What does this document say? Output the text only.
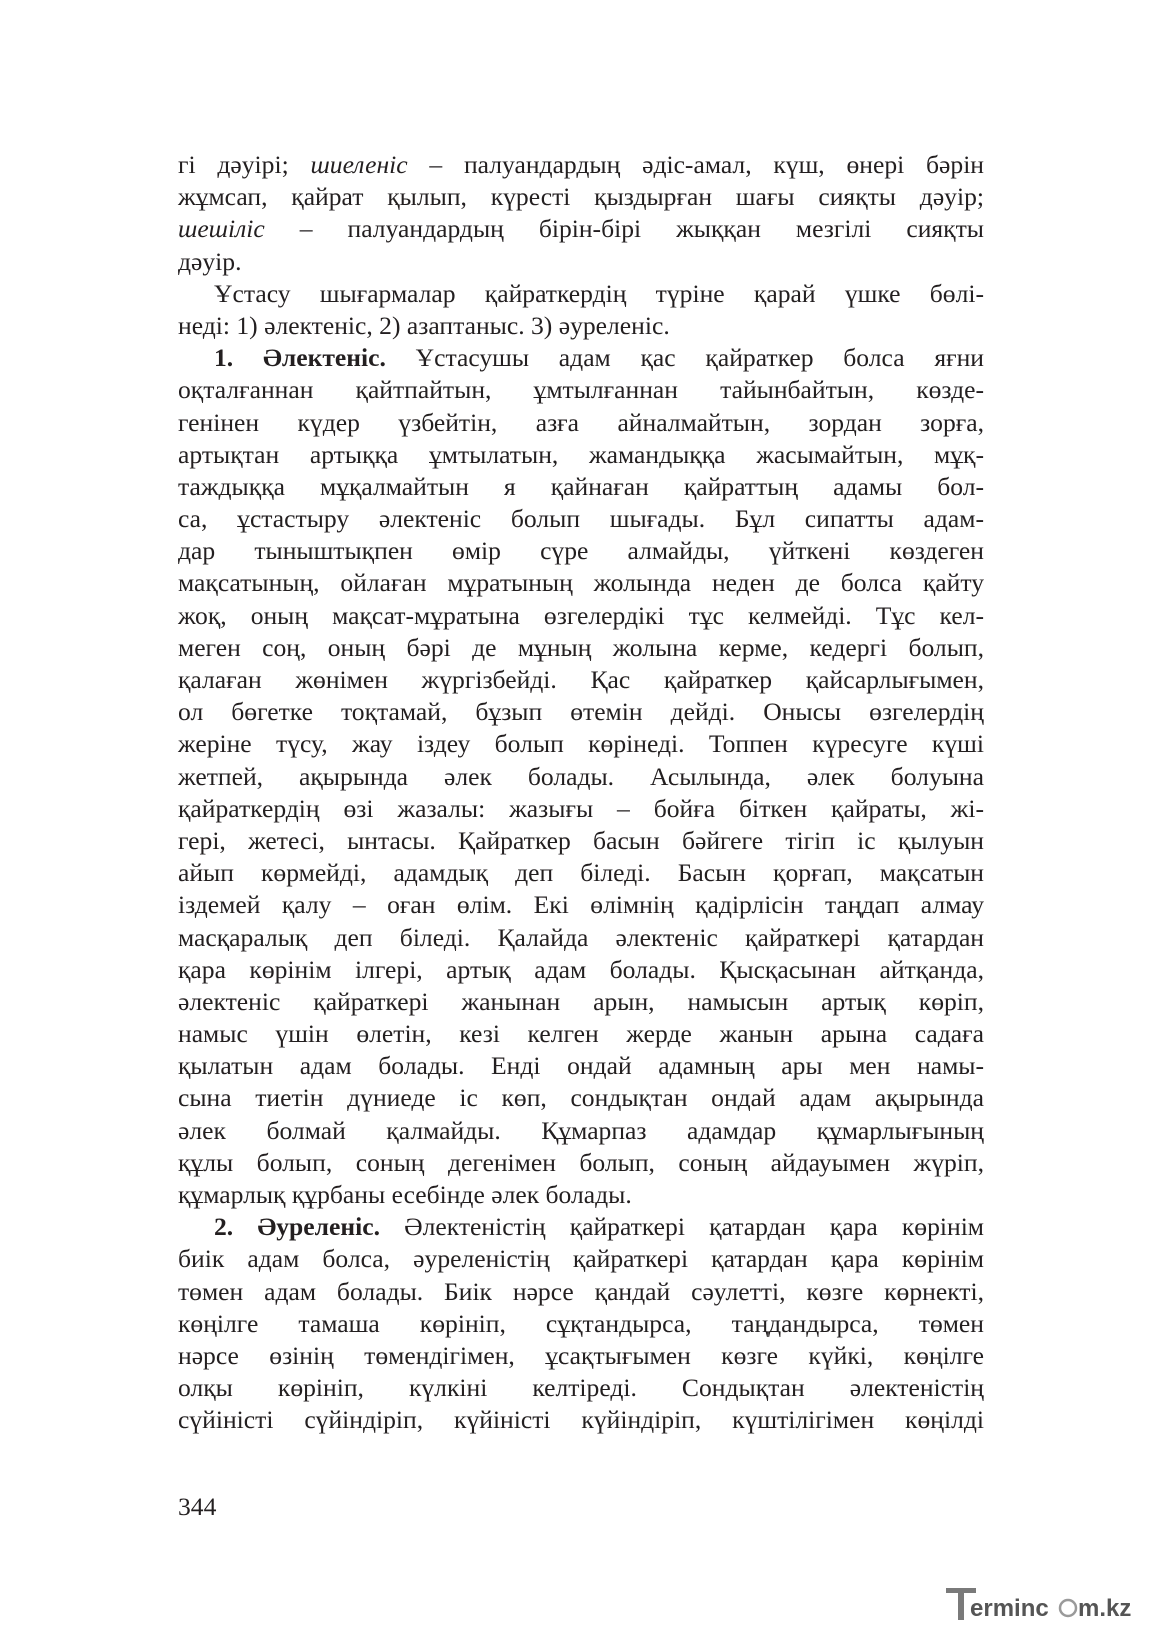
гі дәуірі; шиеленіс – палуандардың әдіс-амал, күш, өнері бәрін
жұмсап, қайрат қылып, күресті қыздырған шағы сияқты дәуір;
шешіліс – палуандардың бірін-бірі жыққан мезгілі сияқты
дәуір.
Ұстасу шығармалар қайраткердің түріне қарай үшке бөлі-
неді: 1) әлектеніс, 2) азаптаныс. 3) әуреленіс.
1. Әлектеніс. Ұстасушы адам қас қайраткер болса яғни
оқталғаннан қайтпайтын, ұмтылғаннан тайынбайтын, көзде-
генінен күдер үзбейтін, азға айналмайтын, зордан зорға,
артықтан артыққа ұмтылатын, жамандыққа жасымайтын, мұқ-
таждыққа мұқалмайтын я қайнаған қайраттың адамы бол-
са, ұстастыру әлектеніс болып шығады. Бұл сипатты адам-
дар тыныштықпен өмір сүре алмайды, үйткені көздеген
мақсатының, ойлаған мұратының жолында неден де болса қайту
жоқ, оның мақсат-мұратына өзгелердікі тұс келмейді. Тұс кел-
меген соң, оның бәрі де мұның жолына керме, кедергі болып,
қалаған жөнімен жүргізбейді. Қас қайраткер қайсарлығымен,
ол бөгетке тоқтамай, бұзып өтемін дейді. Онысы өзгелердің
жеріне түсу, жау іздеу болып көрінеді. Топпен күресуге күші
жетпей, ақырында әлек болады. Асылында, әлек болуына
қайраткердің өзі жазалы: жазығы – бойға біткен қайраты, жі-
гері, жетесі, ынтасы. Қайраткер басын бәйгеге тігіп іс қылуын
айып көрмейді, адамдық деп біледі. Басын қорғап, мақсатын
іздемей қалу – оған өлім. Екі өлімнің қадірлісін таңдап алмау
масқаралық деп біледі. Қалайда әлектеніс қайраткері қатардан
қара көрінім ілгері, артық адам болады. Қысқасынан айтқанда,
әлектеніс қайраткері жанынан арын, намысын артық көріп,
намыс үшін өлетін, кезі келген жерде жанын арына садаға
қылатын адам болады. Енді ондай адамның ары мен намы-
сына тиетін дүниеде іс көп, сондықтан ондай адам ақырында
әлек болмай қалмайды. Құмарпаз адамдар құмарлығының
құлы болып, соның дегенімен болып, соның айдауымен жүріп,
құмарлық құрбаны есебінде әлек болады.
2. Әуреленіс. Әлектеністің қайраткері қатардан қара көрінім
биік адам болса, әуреленістің қайраткері қатардан қара көрінім
төмен адам болады. Биік нәрсе қандай сәулетті, көзге көрнекті,
көңілге тамаша көрініп, сұқтандырса, таңдандырса, төмен
нәрсе өзінің төмендігімен, ұсақтығымен көзге күйкі, көңілге
олқы көрініп, күлкіні келтіреді. Сондықтан әлектеністің
сүйіністі сүйіндіріп, күйіністі күйіндіріп, күштілігімен көңілді
344
erminc m.kz
